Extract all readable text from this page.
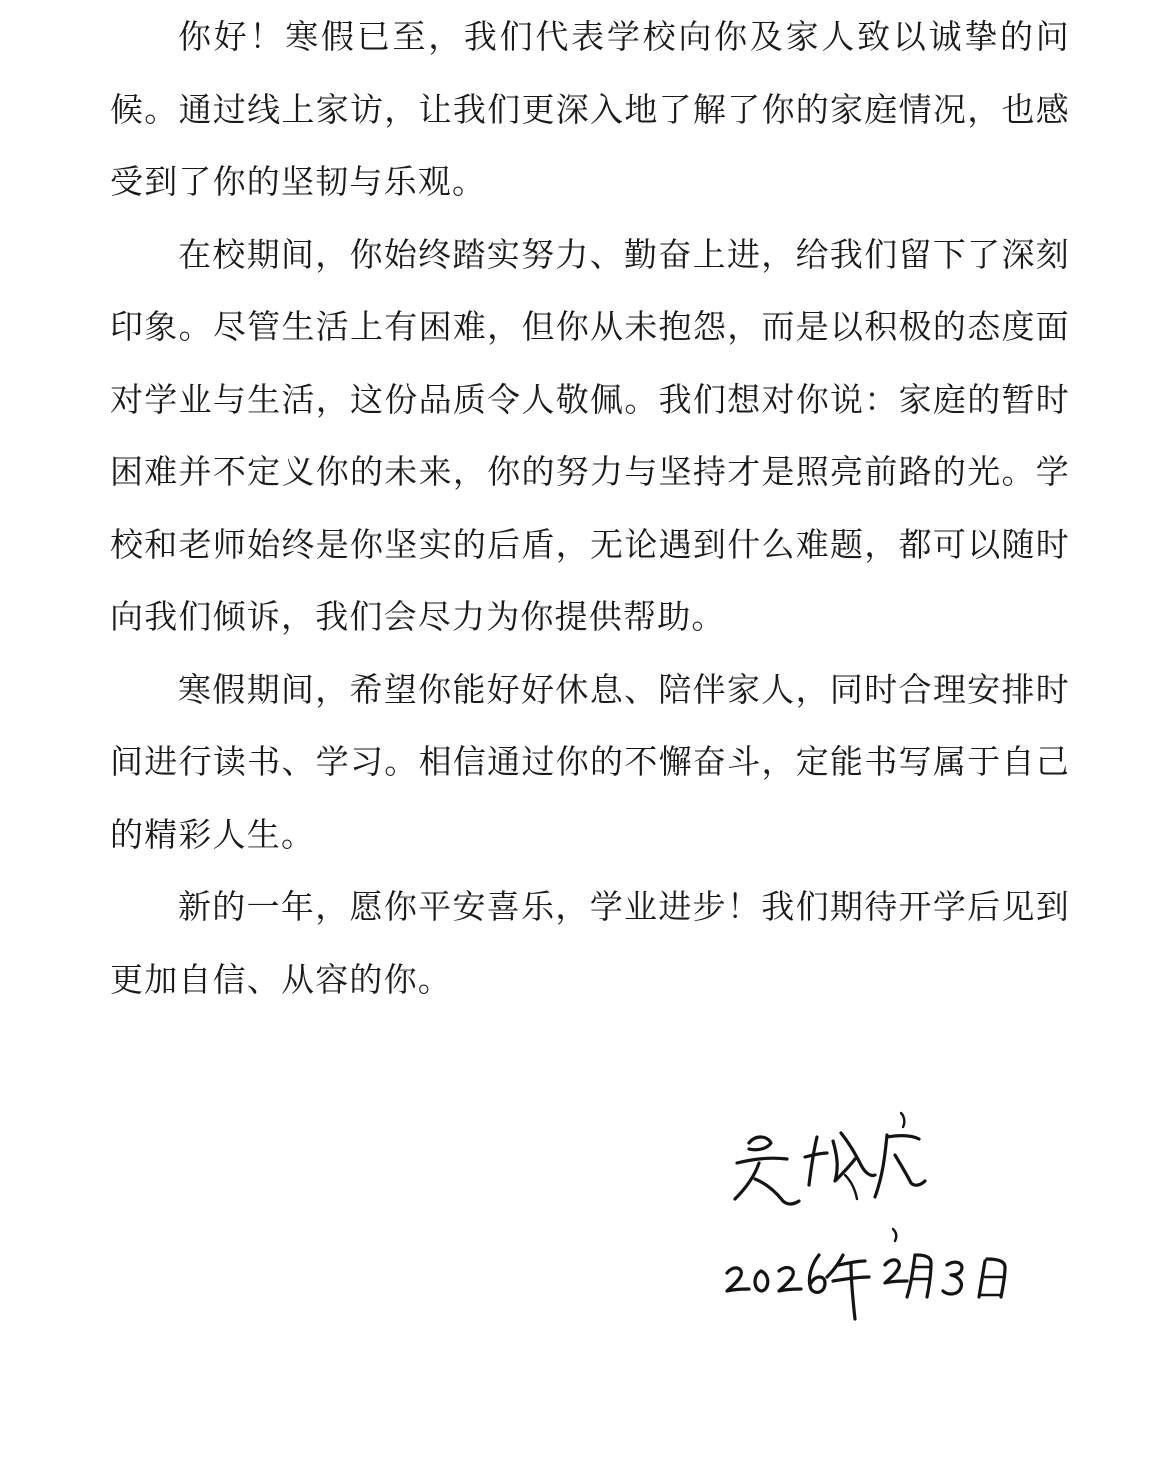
你好！寒假已至，我们代表学校向你及家人致以诚挚的问候。通过线上家访，让我们更深入地了解了你的家庭情况，也感受到了你的坚韧与乐观。

在校期间，你始终踏实努力、勤奋上进，给我们留下了深刻印象。尽管生活上有困难，但你从未抱怨，而是以积极的态度面对学业与生活，这份品质令人敬佩。我们想对你说：家庭的暂时困难并不定义你的未来，你的努力与坚持才是照亮前路的光。学校和老师始终是你坚实的后盾，无论遇到什么难题，都可以随时向我们倾诉，我们会尽力为你提供帮助。

寒假期间，希望你能好好休息、陪伴家人，同时合理安排时间进行读书、学习。相信通过你的不懈奋斗，定能书写属于自己的精彩人生。

新的一年，愿你平安喜乐，学业进步！我们期待开学后见到更加自信、从容的你。
